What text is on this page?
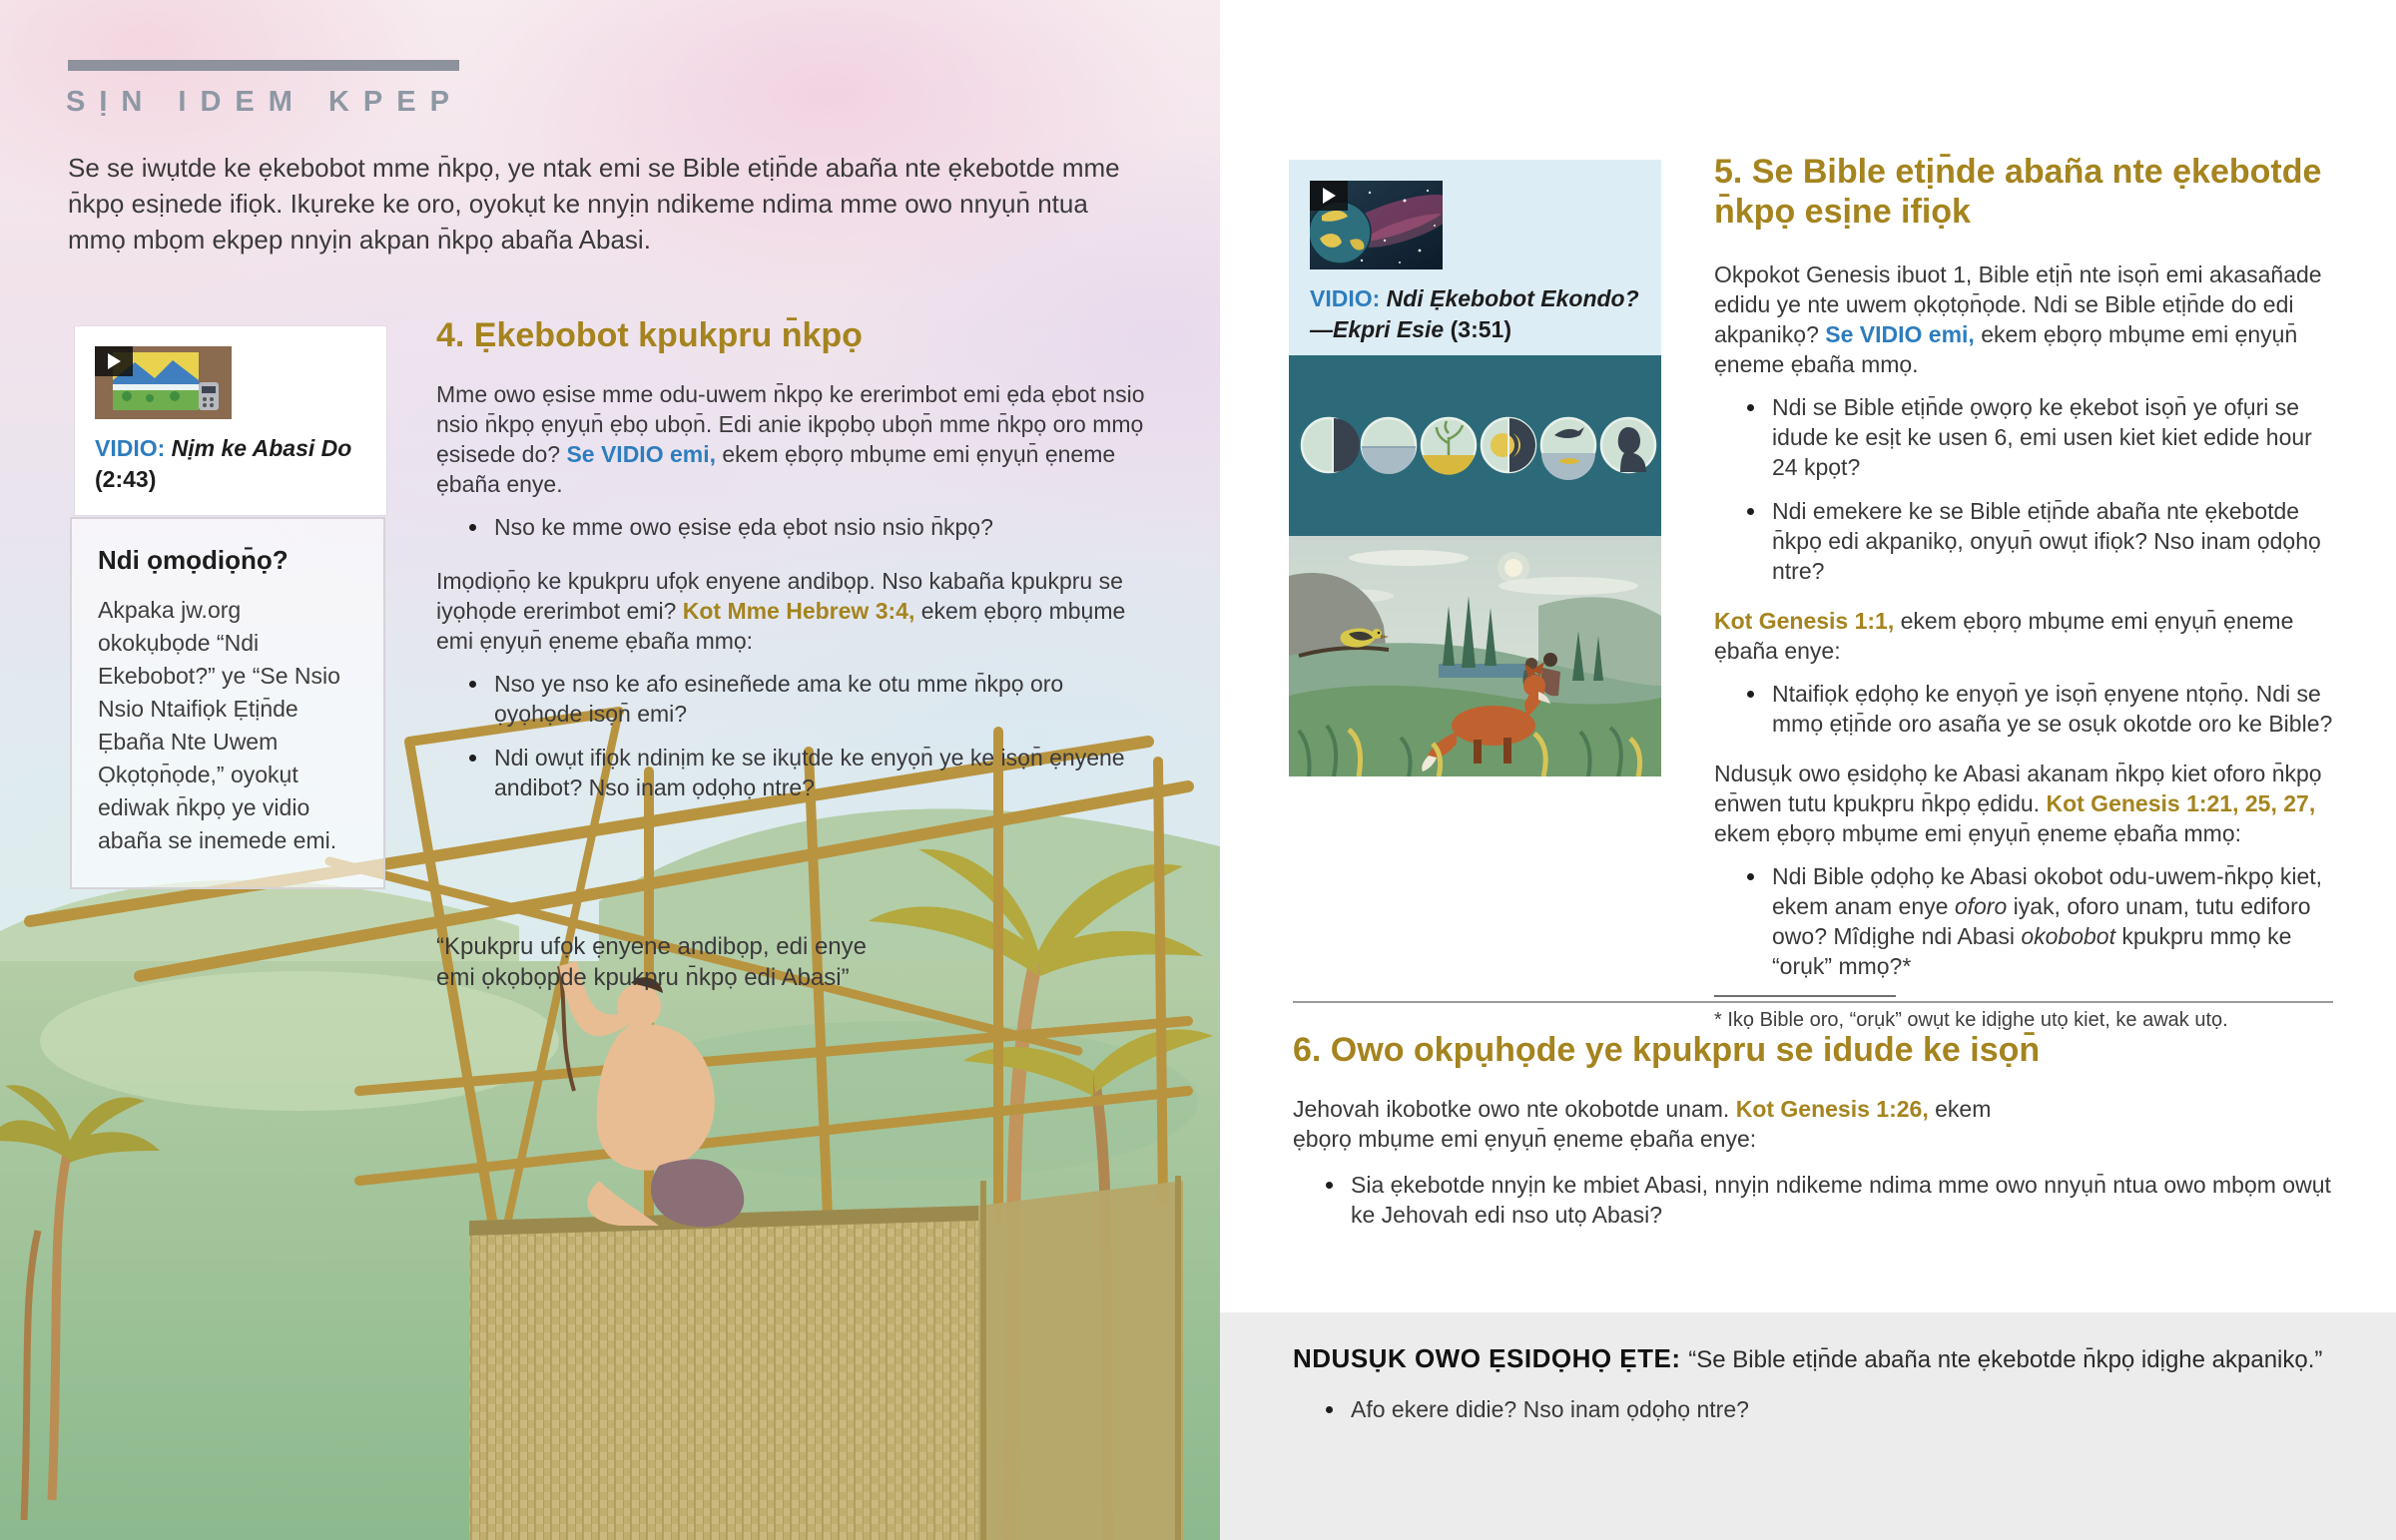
SỊN IDEM KPEP

Se se iwụtde ke ẹkebobot mme n̄kpọ, ye ntak emi se Bible etịn̄de abaña nte ẹkebotde mme n̄kpọ esịnede ifiọk. Ikụreke ke oro, oyokụt ke nnyịn ndikeme ndima mme owo nnyụn̄ ntua mmọ mbọm ekpep nnyịn akpan n̄kpọ abaña Abasi.

VIDIO: Nịm ke Abasi Do (2:43)
Ndi ọmọdiọn̄ọ?
Akpaka jw.org okokụbọde “Ndi Ekebobot?” ye “Se Nsio Nsio Ntaifiọk Ẹtịn̄de Ẹbaña Nte Uwem Ọkọtọn̄ọde,” oyokụt ediwak n̄kpọ ye vidio abaña se inemede emi.
4. Ẹkebobot kpukpru n̄kpọ

Mme owo ẹsise mme odu-uwem n̄kpọ ke ererimbot emi ẹda ẹbot nsio nsio n̄kpọ ẹnyụn̄ ẹbọ ubọn̄. Edi anie ikpọbọ ubọn̄ mme n̄kpọ oro mmọ ẹsisede do? Se VIDIO emi, ekem ẹbọrọ mbụme emi ẹnyụn̄ ẹneme ẹbaña enye.

• Nso ke mme owo ẹsise ẹda ẹbot nsio nsio n̄kpọ?

Imọdiọn̄ọ ke kpukpru ufọk enyene andibọp. Nso kabaña kpukpru se iyọhọde ererimbot emi? Kot Mme Hebrew 3:4, ekem ẹbọrọ mbụme emi ẹnyụn̄ ẹneme ẹbaña mmọ:

• Nso ye nso ke afo esineñede ama ke otu mme n̄kpọ oro ọyọhọde isọn̄ emi?
• Ndi owụt ifiọk ndinịm ke se ikụtde ke enyọn̄ ye ke isọn̄ ẹnyene andibot? Nso inam ọdọhọ ntre?

“Kpukpru ufọk ẹnyene andibọp, edi enye emi ọkọbọpde kpukpru n̄kpọ edi Abasi”

VIDIO: Ndi Ẹkebobot Ekondo?
—Ekpri Esie (3:51)
5. Se Bible etịn̄de abaña nte ẹkebotde n̄kpọ esịne ifiọk

Okpokot Genesis ibuot 1, Bible etịn̄ nte isọn̄ emi akasañade edidu ye nte uwem ọkọtọn̄ọde. Ndi se Bible etịn̄de do edi akpanikọ? Se VIDIO emi, ekem ẹbọrọ mbụme emi ẹnyụn̄ ẹneme ẹbaña mmọ.

• Ndi se Bible etịn̄de ọwọrọ ke ẹkebot isọn̄ ye ofụri se idude ke esịt ke usen 6, emi usen kiet kiet edide hour 24 kpọt?
• Ndi emekere ke se Bible etịn̄de abaña nte ẹkebotde n̄kpọ edi akpanikọ, onyụn̄ owụt ifiọk? Nso inam ọdọhọ ntre?

Kot Genesis 1:1, ekem ẹbọrọ mbụme emi ẹnyụn̄ ẹneme ẹbaña enye:

• Ntaifiọk ẹdọhọ ke enyọn̄ ye isọn̄ ẹnyene ntọn̄ọ. Ndi se mmọ ẹtịn̄de oro asaña ye se osụk okotde oro ke Bible?

Ndusụk owo ẹsidọhọ ke Abasi akanam n̄kpọ kiet oforo n̄kpọ en̄wen tutu kpukpru n̄kpọ ẹdidu. Kot Genesis 1:21, 25, 27, ekem ẹbọrọ mbụme emi ẹnyụn̄ ẹneme ẹbaña mmọ:

• Ndi Bible ọdọhọ ke Abasi okobot odu-uwem-n̄kpọ kiet, ekem anam enye oforo iyak, oforo unam, tutu ediforo owo? Mîdịghe ndi Abasi okobobot kpukpru mmọ ke “orụk” mmọ?*

* Ikọ Bible oro, “orụk” owụt ke idịghe utọ kiet, ke awak utọ.

6. Owo okpụhọde ye kpukpru se idude ke isọn̄

Jehovah ikobotke owo nte okobotde unam. Kot Genesis 1:26, ekem ẹbọrọ mbụme emi ẹnyụn̄ ẹneme ẹbaña enye:

• Sia ẹkebotde nnyịn ke mbiet Abasi, nnyịn ndikeme ndima mme owo nnyụn̄ ntua owo mbọm owụt ke Jehovah edi nso utọ Abasi?

NDUSỤK OWO ẸSIDỌHỌ ẸTE: “Se Bible etịn̄de abaña nte ẹkebotde n̄kpọ idịghe akpanikọ.”

• Afo ekere didie? Nso inam ọdọhọ ntre?
